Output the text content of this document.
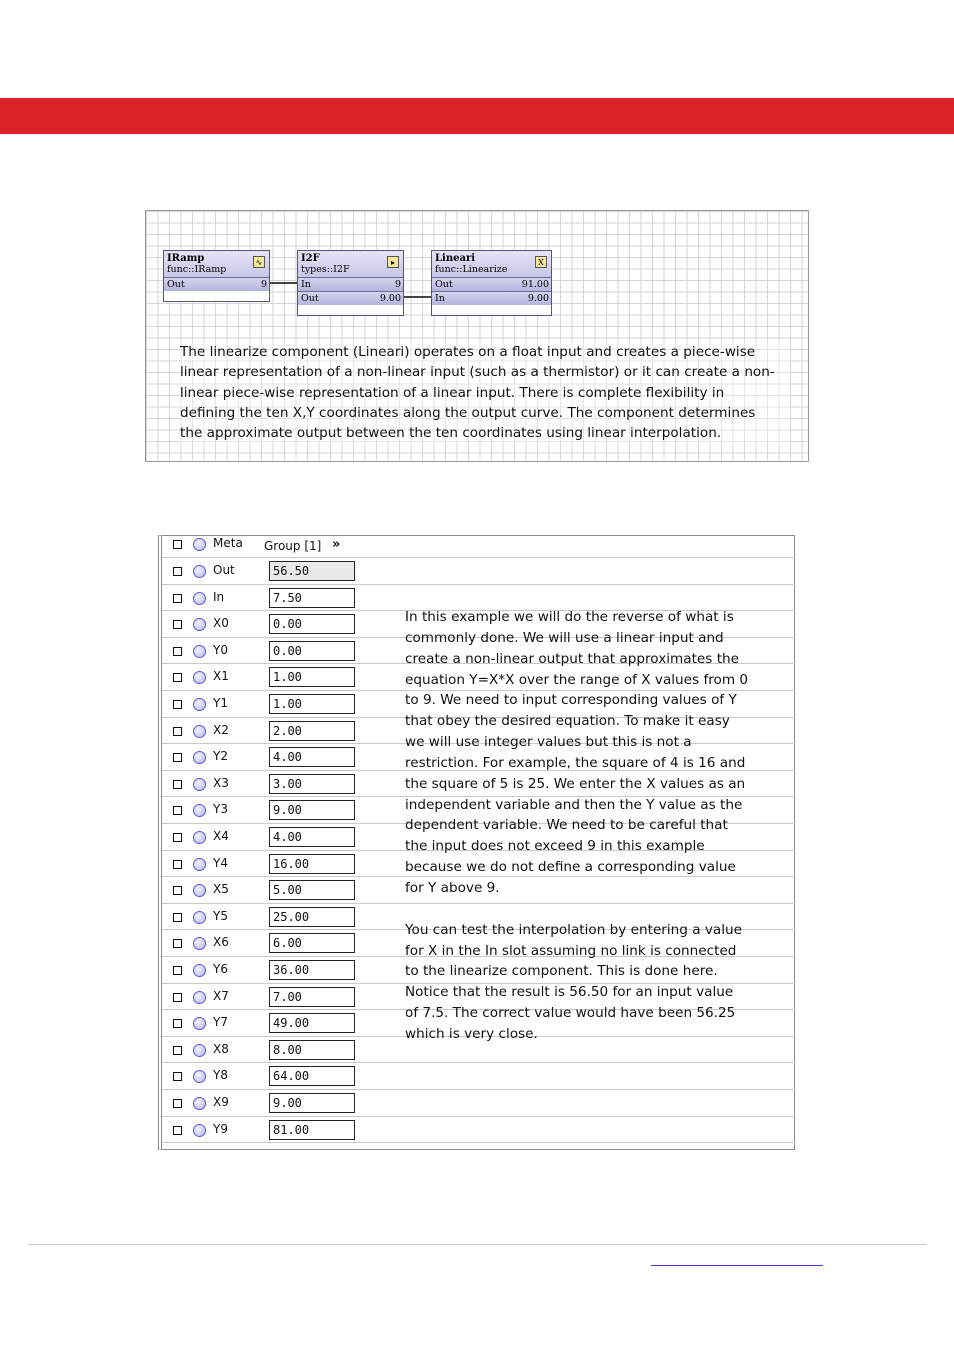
IRamp
func::IRamp
∿
Out	9
I2F
types::I2F
▸
In	9
Out	9.00
Lineari
func::Linearize
X
Out	91.00
In	9.00
The linearize component (Lineari) operates on a float input and creates a piece-wise
linear representation of a non-linear input (such as a thermistor) or it can create a non-
linear piece-wise representation of a linear input. There is complete flexibility in
defining the ten X,Y coordinates along the output curve. The component determines
the approximate output between the ten coordinates using linear interpolation.
Meta Group [1] »
Out	56.50
In	7.50
X0	0.00
Y0	0.00
X1	1.00
Y1	1.00
X2	2.00
Y2	4.00
X3	3.00
Y3	9.00
X4	4.00
Y4	16.00
X5	5.00
Y5	25.00
X6	6.00
Y6	36.00
X7	7.00
Y7	49.00
X8	8.00
Y8	64.00
X9	9.00
Y9	81.00
In this example we will do the reverse of what is
commonly done. We will use a linear input and
create a non-linear output that approximates the
equation Y=X*X over the range of X values from 0
to 9. We need to input corresponding values of Y
that obey the desired equation. To make it easy
we will use integer values but this is not a
restriction. For example, the square of 4 is 16 and
the square of 5 is 25. We enter the X values as an
independent variable and then the Y value as the
dependent variable. We need to be careful that
the input does not exceed 9 in this example
because we do not define a corresponding value
for Y above 9.
You can test the interpolation by entering a value
for X in the In slot assuming no link is connected
to the linearize component. This is done here.
Notice that the result is 56.50 for an input value
of 7.5. The correct value would have been 56.25
which is very close.
